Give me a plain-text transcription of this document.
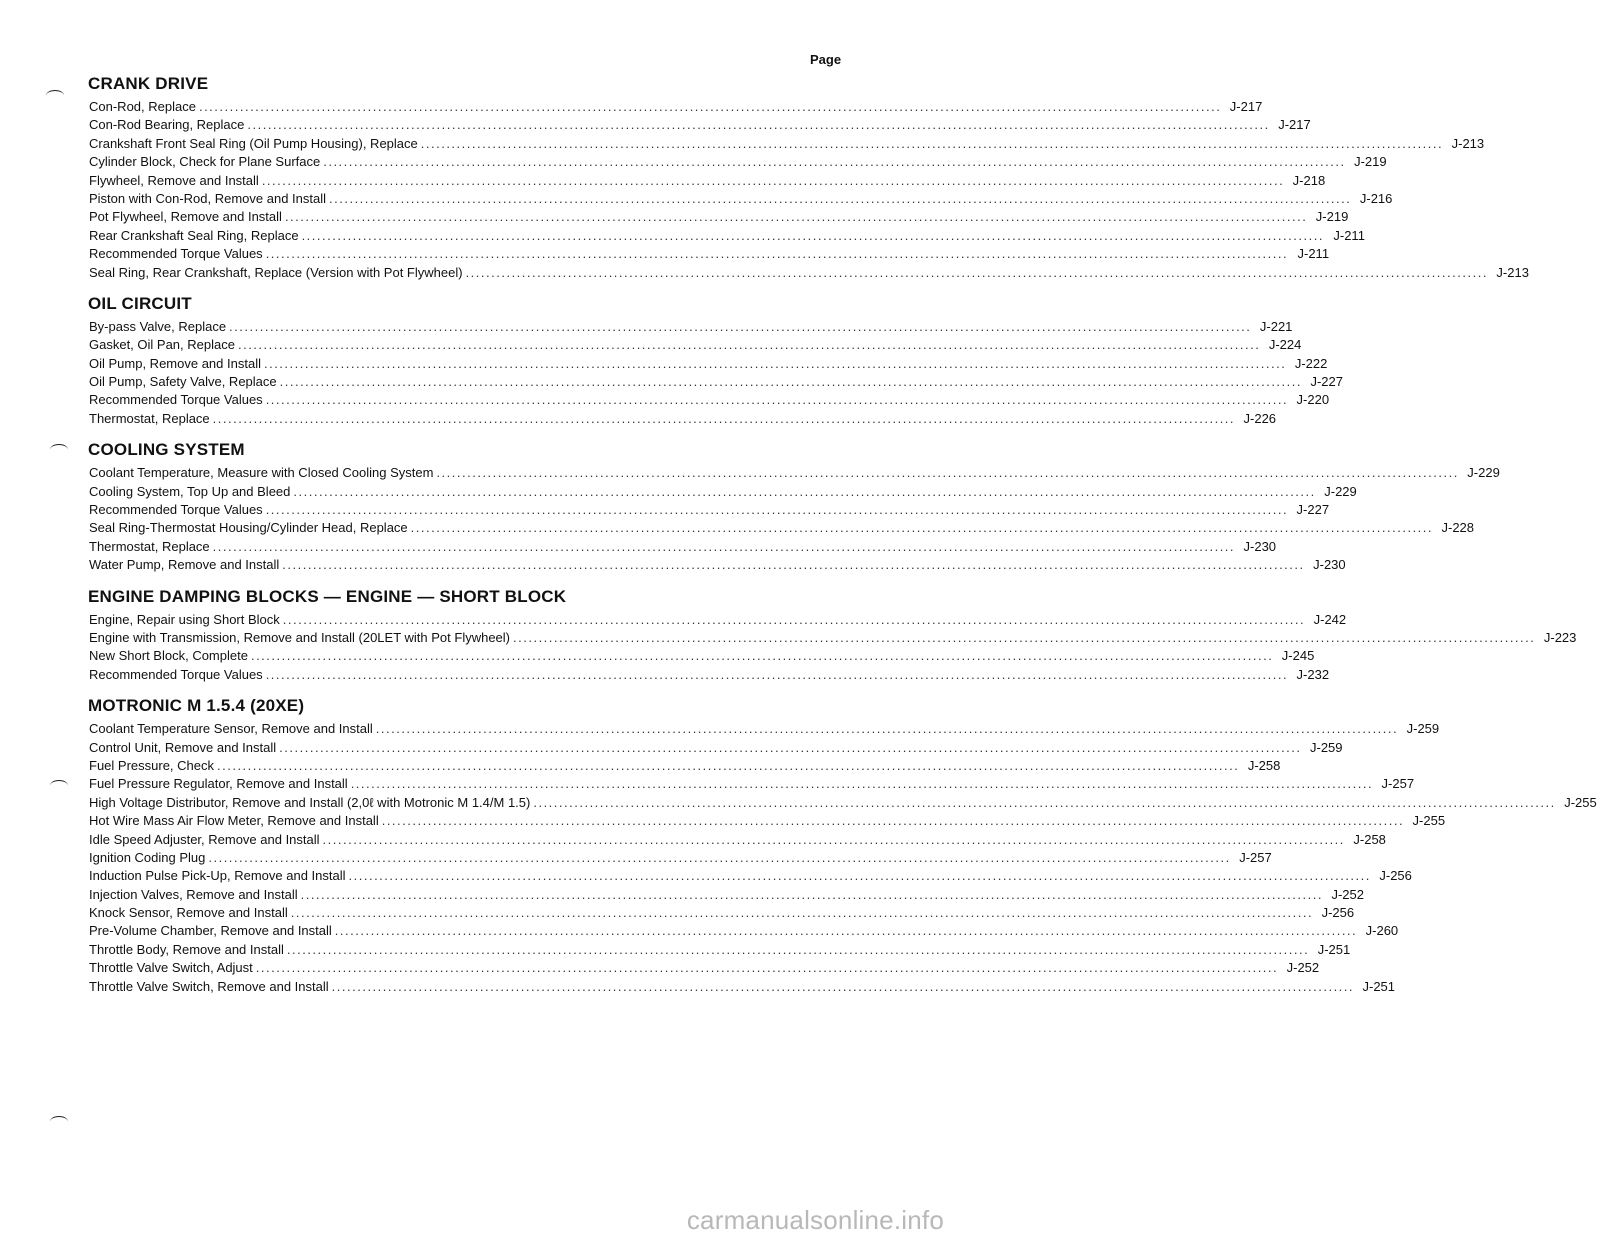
Page
CRANK DRIVE
Con-Rod, Replace .....	J-217
Con-Rod Bearing, Replace .....	J-217
Crankshaft Front Seal Ring (Oil Pump Housing), Replace .....	J-213
Cylinder Block, Check for Plane Surface .....	J-219
Flywheel, Remove and Install .....	J-218
Piston with Con-Rod, Remove and Install .....	J-216
Pot Flywheel, Remove and Install .....	J-219
Rear Crankshaft Seal Ring, Replace .....	J-211
Recommended Torque Values .....	J-211
Seal Ring, Rear Crankshaft, Replace (Version with Pot Flywheel) .....	J-213
OIL CIRCUIT
By-pass Valve, Replace .....	J-221
Gasket, Oil Pan, Replace .....	J-224
Oil Pump, Remove and Install .....	J-222
Oil Pump, Safety Valve, Replace .....	J-227
Recommended Torque Values .....	J-220
Thermostat, Replace .....	J-226
COOLING SYSTEM
Coolant Temperature, Measure with Closed Cooling System .....	J-229
Cooling System, Top Up and Bleed .....	J-229
Recommended Torque Values .....	J-227
Seal Ring-Thermostat Housing/Cylinder Head, Replace .....	J-228
Thermostat, Replace .....	J-230
Water Pump, Remove and Install .....	J-230
ENGINE DAMPING BLOCKS — ENGINE — SHORT BLOCK
Engine, Repair using Short Block .....	J-242
Engine with Transmission, Remove and Install (20LET with Pot Flywheel) .....	J-223
New Short Block, Complete .....	J-245
Recommended Torque Values .....	J-232
MOTRONIC M 1.5.4 (20XE)
Coolant Temperature Sensor, Remove and Install .....	J-259
Control Unit, Remove and Install .....	J-259
Fuel Pressure, Check .....	J-258
Fuel Pressure Regulator, Remove and Install .....	J-257
High Voltage Distributor, Remove and Install (2,0ℓ with Motronic M 1.4/M 1.5) .....	J-255
Hot Wire Mass Air Flow Meter, Remove and Install .....	J-255
Idle Speed Adjuster, Remove and Install .....	J-258
Ignition Coding Plug .....	J-257
Induction Pulse Pick-Up, Remove and Install .....	J-256
Injection Valves, Remove and Install .....	J-252
Knock Sensor, Remove and Install .....	J-256
Pre-Volume Chamber, Remove and Install .....	J-260
Throttle Body, Remove and Install .....	J-251
Throttle Valve Switch, Adjust .....	J-252
Throttle Valve Switch, Remove and Install .....	J-251
carmanualsonline.info
